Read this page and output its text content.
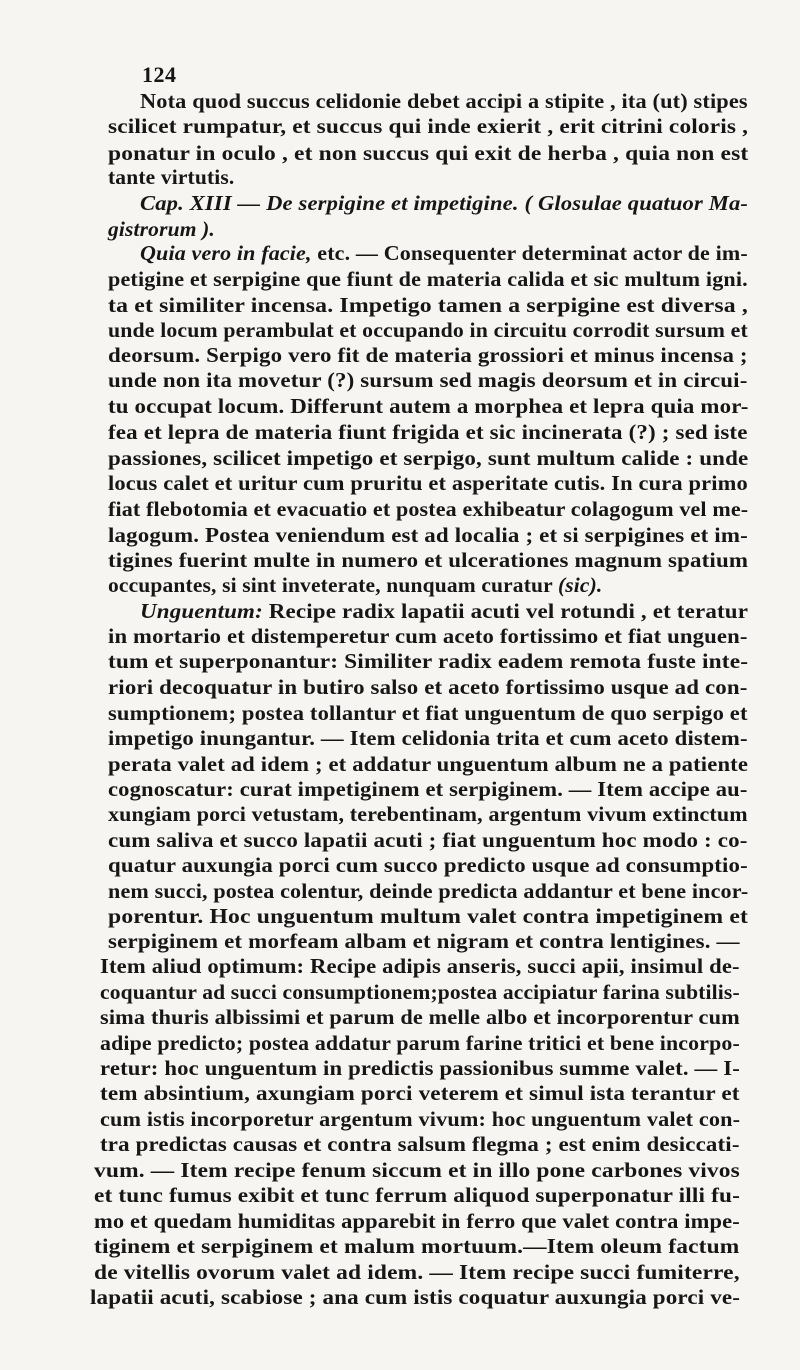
124
Nota quod succus celidonie debet accipi a stipite , ita (ut) stipes
scilicet rumpatur, et succus qui inde exierit , erit citrini coloris ,
ponatur in oculo , et non succus qui exit de herba , quia non est
tante virtutis.
Cap. XIII — De serpigine et impetigine. ( Glosulae quatuor Ma-
gistrorum ).
Quia vero in facie, etc. — Consequenter determinat actor de im-
petigine et serpigine que fiunt de materia calida et sic multum igni.
ta et similiter incensa. Impetigo tamen a serpigine est diversa ,
unde locum perambulat et occupando in circuitu corrodit sursum et
deorsum. Serpigo vero fit de materia grossiori et minus incensa ;
unde non ita movetur (?) sursum sed magis deorsum et in circui-
tu occupat locum. Differunt autem a morphea et lepra quia mor-
fea et lepra de materia fiunt frigida et sic incinerata (?) ; sed iste
passiones, scilicet impetigo et serpigo, sunt multum calide : unde
locus calet et uritur cum pruritu et asperitate cutis. In cura primo
fiat flebotomia et evacuatio et postea exhibeatur colagogum vel me-
lagogum. Postea veniendum est ad localia ; et si serpigines et im-
tigines fuerint multe in numero et ulcerationes magnum spatium
occupantes, si sint inveterate, nunquam curatur (sic).
Unguentum: Recipe radix lapatii acuti vel rotundi , et teratur
in mortario et distemperetur cum aceto fortissimo et fiat unguen-
tum et superponantur: Similiter radix eadem remota fuste inte-
riori decoquatur in butiro salso et aceto fortissimo usque ad con-
sumptionem; postea tollantur et fiat unguentum de quo serpigo et
impetigo inungantur. — Item celidonia trita et cum aceto distem-
perata valet ad idem ; et addatur unguentum album ne a patiente
cognoscatur: curat impetiginem et serpiginem. — Item accipe au-
xungiam porci vetustam, terebentinam, argentum vivum extinctum
cum saliva et succo lapatii acuti ; fiat unguentum hoc modo : co-
quatur auxungia porci cum succo predicto usque ad consumptio-
nem succi, postea colentur, deinde predicta addantur et bene incor-
porentur. Hoc unguentum multum valet contra impetiginem et
serpiginem et morfeam albam et nigram et contra lentigines. —
Item aliud optimum: Recipe adipis anseris, succi apii, insimul de-
coquantur ad succi consumptionem;postea accipiatur farina subtilis-
sima thuris albissimi et parum de melle albo et incorporentur cum
adipe predicto; postea addatur parum farine tritici et bene incorpo-
retur: hoc unguentum in predictis passionibus summe valet. — I-
tem absintium, axungiam porci veterem et simul ista terantur et
cum istis incorporetur argentum vivum: hoc unguentum valet con-
tra predictas causas et contra salsum flegma ; est enim desiccati-
vum. — Item recipe fenum siccum et in illo pone carbones vivos
et tunc fumus exibit et tunc ferrum aliquod superponatur illi fu-
mo et quedam humiditas apparebit in ferro que valet contra impe-
tiginem et serpiginem et malum mortuum.—Item oleum factum
de vitellis ovorum valet ad idem. — Item recipe succi fumiterre,
lapatii acuti, scabiose ; ana cum istis coquatur auxungia porci ve-
